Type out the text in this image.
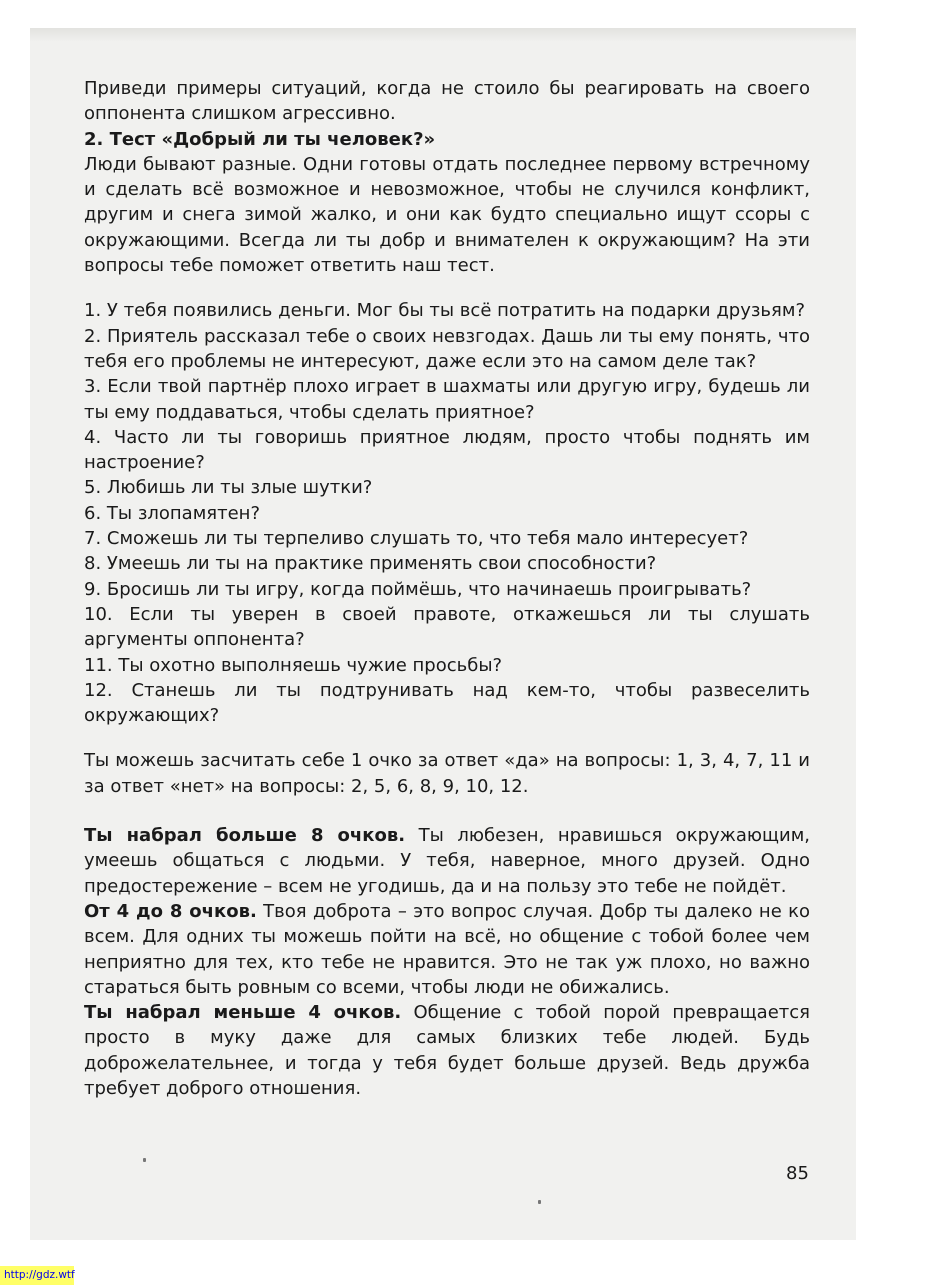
Приведи примеры ситуаций, когда не стоило бы реагировать на своего оппонента слишком агрессивно.

2. Тест «Добрый ли ты человек?»

Люди бывают разные. Одни готовы отдать последнее первому встречному и сделать всё возможное и невозможное, чтобы не случился конфликт, другим и снега зимой жалко, и они как будто специально ищут ссоры с окружающими. Всегда ли ты добр и внимателен к окружающим? На эти вопросы тебе поможет ответить наш тест.

1. У тебя появились деньги. Мог бы ты всё потратить на подарки друзьям?

2. Приятель рассказал тебе о своих невзгодах. Дашь ли ты ему понять, что тебя его проблемы не интересуют, даже если это на самом деле так?

3. Если твой партнёр плохо играет в шахматы или другую игру, будешь ли ты ему поддаваться, чтобы сделать приятное?

4. Часто ли ты говоришь приятное людям, просто чтобы поднять им настроение?

5. Любишь ли ты злые шутки?

6. Ты злопамятен?

7. Сможешь ли ты терпеливо слушать то, что тебя мало интересует?

8. Умеешь ли ты на практике применять свои способности?

9. Бросишь ли ты игру, когда поймёшь, что начинаешь проигрывать?

10. Если ты уверен в своей правоте, откажешься ли ты слушать аргументы оппонента?

11. Ты охотно выполняешь чужие просьбы?

12. Станешь ли ты подтрунивать над кем-то, чтобы развеселить окружающих?

Ты можешь засчитать себе 1 очко за ответ «да» на вопросы: 1, 3, 4, 7, 11 и за ответ «нет» на вопросы: 2, 5, 6, 8, 9, 10, 12.

Ты набрал больше 8 очков. Ты любезен, нравишься окружающим, умеешь общаться с людьми. У тебя, наверное, много друзей. Одно предостережение – всем не угодишь, да и на пользу это тебе не пойдёт.

От 4 до 8 очков. Твоя доброта – это вопрос случая. Добр ты далеко не ко всем. Для одних ты можешь пойти на всё, но общение с тобой более чем неприятно для тех, кто тебе не нравится. Это не так уж плохо, но важно стараться быть ровным со всеми, чтобы люди не обижались.

Ты набрал меньше 4 очков. Общение с тобой порой превращается просто в муку даже для самых близких тебе людей. Будь доброжелательнее, и тогда у тебя будет больше друзей. Ведь дружба требует доброго отношения.

85
http://gdz.wtf
